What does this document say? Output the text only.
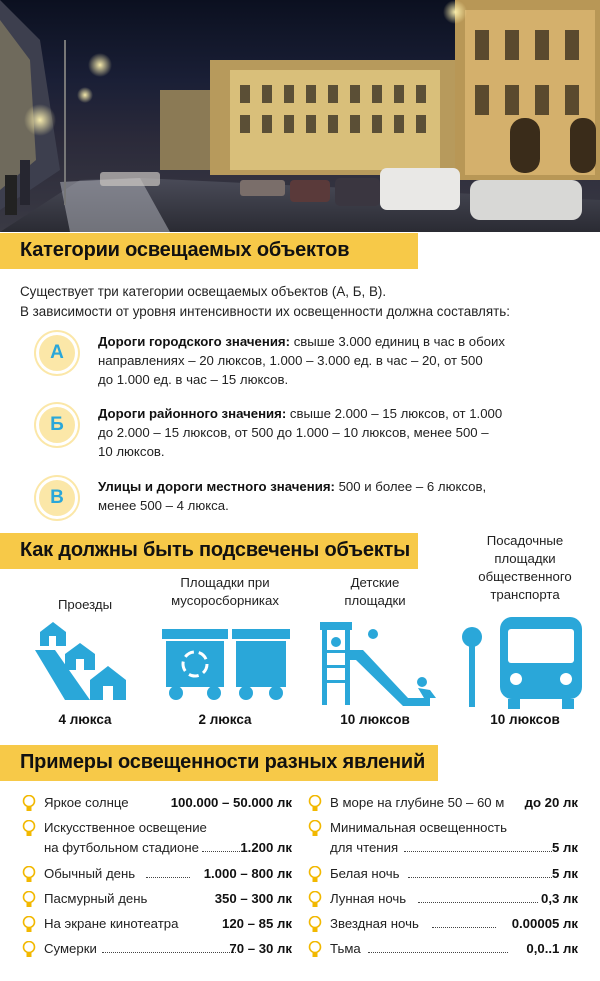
Категории освещаемых объектов
Существует три категории освещаемых объектов (А, Б, В).
В зависимости от уровня интенсивности их освещенности должна составлять:
А
Дороги городского значения: свыше 3.000 единиц в час в обоих
направлениях – 20 люксов, 1.000 – 3.000 ед. в час – 20, от 500
до 1.000 ед. в час – 15 люксов.
Б
Дороги районного значения: свыше 2.000 – 15 люксов, от 1.000
до 2.000 – 15 люксов, от 500 до 1.000 – 10 люксов, менее 500 –
10 люксов.
В
Улицы и дороги местного значения: 500 и более – 6 люксов,
менее 500 – 4 люкса.
Как должны быть подсвечены объекты
Проезды
4 люкса
Площадки при
мусоросборниках
2 люкса
Детские
площадки
10 люксов
Посадочные
площадки
общественного
транспорта
10 люксов
Примеры освещенности разных явлений
Яркое солнце	100.000 – 50.000 лк
Искусственное освещение
на футбольном стадионе	1.200 лк
Обычный день	1.000 – 800 лк
Пасмурный день	350 – 300 лк
На экране кинотеатра	120 – 85 лк
Сумерки	70 – 30 лк
В море на глубине 50 – 60 м до 20 лк
Минимальная освещенность
для чтения	5 лк
Белая ночь	5 лк
Лунная ночь	0,3 лк
Звездная ночь	0.00005 лк
Тьма	0,0..1 лк
